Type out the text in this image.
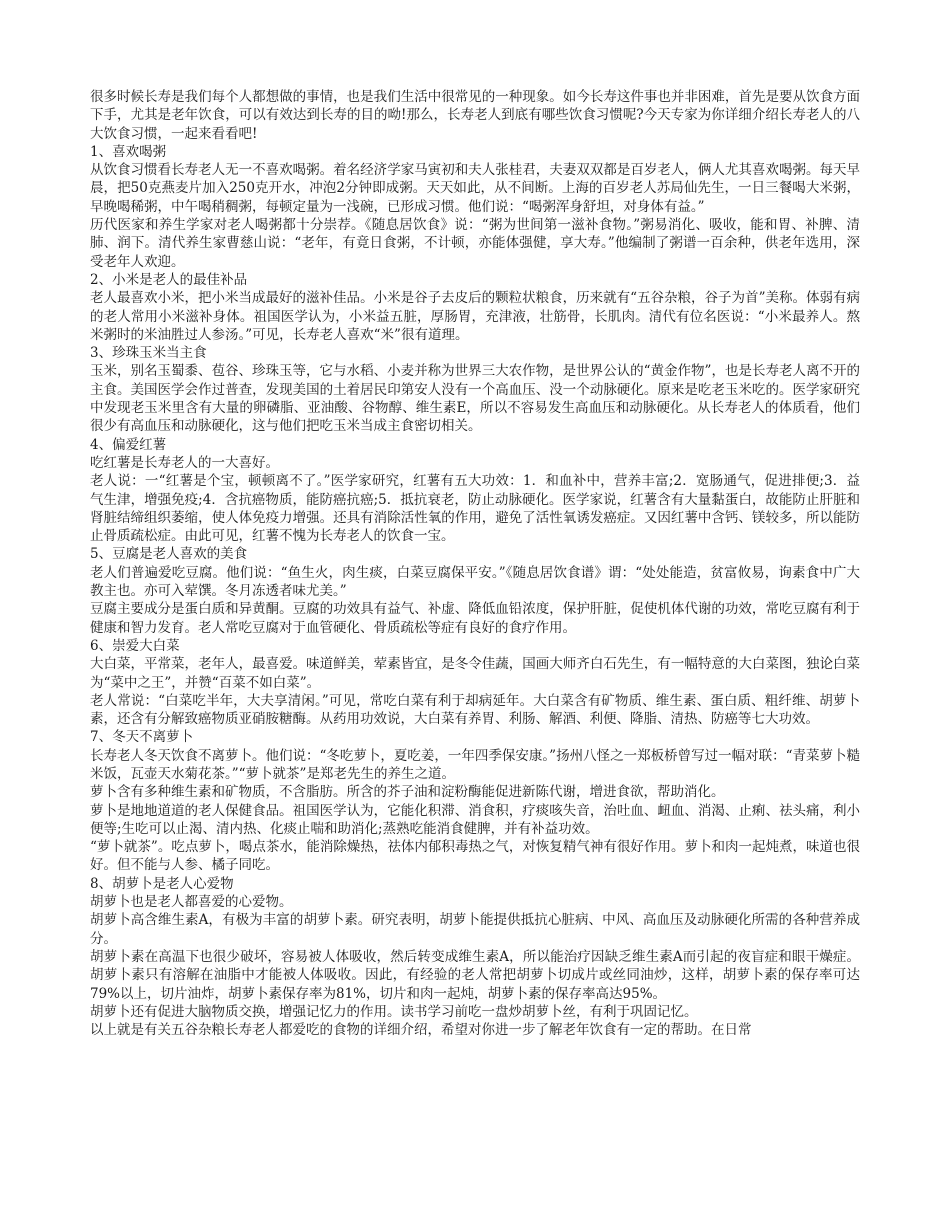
很多时候长寿是我们每个人都想做的事情，也是我们生活中很常见的一种现象。如今长寿这件事也并非困难，首先是要从饮食方面下手，尤其是老年饮食，可以有效达到长寿的目的呦!那么，长寿老人到底有哪些饮食习惯呢?今天专家为你详细介绍长寿老人的八大饮食习惯，一起来看看吧!

1、喜欢喝粥

从饮食习惯看长寿老人无一不喜欢喝粥。着名经济学家马寅初和夫人张桂君，夫妻双双都是百岁老人，俩人尤其喜欢喝粥。每天早晨，把50克燕麦片加入250克开水，冲泡2分钟即成粥。天天如此，从不间断。上海的百岁老人苏局仙先生，一日三餐喝大米粥，早晚喝稀粥，中午喝稍稠粥，每顿定量为一浅碗，已形成习惯。他们说：“喝粥浑身舒坦，对身体有益。”

历代医家和养生学家对老人喝粥都十分崇荐。《随息居饮食》说：“粥为世间第一滋补食物。”粥易消化、吸收，能和胃、补脾、清肺、润下。清代养生家曹慈山说：“老年，有竟日食粥，不计顿，亦能体强健，享大寿。”他编制了粥谱一百余种，供老年选用，深受老年人欢迎。

2、小米是老人的最佳补品

老人最喜欢小米，把小米当成最好的滋补佳品。小米是谷子去皮后的颗粒状粮食，历来就有“五谷杂粮，谷子为首”美称。体弱有病的老人常用小米滋补身体。祖国医学认为，小米益五脏，厚肠胃，充津液，壮筋骨，长肌肉。清代有位名医说：“小米最养人。熬米粥时的米油胜过人参汤。”可见，长寿老人喜欢“米”很有道理。

3、珍珠玉米当主食

玉米，别名玉蜀黍、苞谷、珍珠玉等，它与水稻、小麦并称为世界三大农作物，是世界公认的“黄金作物”，也是长寿老人离不开的主食。美国医学会作过普查，发现美国的土着居民印第安人没有一个高血压、没一个动脉硬化。原来是吃老玉米吃的。医学家研究中发现老玉米里含有大量的卵磷脂、亚油酸、谷物醇、维生素E，所以不容易发生高血压和动脉硬化。从长寿老人的体质看，他们很少有高血压和动脉硬化，这与他们把吃玉米当成主食密切相关。

4、偏爱红薯

吃红薯是长寿老人的一大喜好。

老人说：一“红薯是个宝，顿顿离不了。”医学家研究，红薯有五大功效：1．和血补中，营养丰富;2．宽肠通气，促进排便;3．益气生津，增强免疫;4．含抗癌物质，能防癌抗癌;5．抵抗衰老，防止动脉硬化。医学家说，红薯含有大量黏蛋白，故能防止肝脏和肾脏结缔组织萎缩，使人体免疫力增强。还具有消除活性氧的作用，避免了活性氧诱发癌症。又因红薯中含钙、镁较多，所以能防止骨质疏松症。由此可见，红薯不愧为长寿老人的饮食一宝。

5、豆腐是老人喜欢的美食

老人们普遍爱吃豆腐。他们说：“鱼生火，肉生痰，白菜豆腐保平安。”《随息居饮食谱》谓：“处处能造，贫富攸易，询素食中广大教主也。亦可入荤馔。冬月冻透者味尤美。”

豆腐主要成分是蛋白质和异黄酮。豆腐的功效具有益气、补虚、降低血铅浓度，保护肝脏，促使机体代谢的功效，常吃豆腐有利于健康和智力发育。老人常吃豆腐对于血管硬化、骨质疏松等症有良好的食疗作用。

6、崇爱大白菜

大白菜，平常菜，老年人，最喜爱。味道鲜美，荤素皆宜，是冬令佳蔬，国画大师齐白石先生，有一幅特意的大白菜图，独论白菜为“菜中之王”，并赞“百菜不如白菜”。

老人常说：“白菜吃半年，大夫享清闲。”可见，常吃白菜有利于却病延年。大白菜含有矿物质、维生素、蛋白质、粗纤维、胡萝卜素，还含有分解致癌物质亚硝胺糖酶。从药用功效说，大白菜有养胃、利肠、解酒、利便、降脂、清热、防癌等七大功效。

7、冬天不离萝卜

长寿老人冬天饮食不离萝卜。他们说：“冬吃萝卜，夏吃姜，一年四季保安康。”扬州八怪之一郑板桥曾写过一幅对联：“青菜萝卜糙米饭，瓦壶天水菊花茶。”“萝卜就茶”是郑老先生的养生之道。

萝卜含有多种维生素和矿物质，不含脂肪。所含的芥子油和淀粉酶能促进新陈代谢，增进食欲，帮助消化。

萝卜是地地道道的老人保健食品。祖国医学认为，它能化积滞、消食积，疗痰咳失音，治吐血、衄血、消渴、止痢、祛头痛，利小便等;生吃可以止渴、清内热、化痰止喘和助消化;蒸熟吃能消食健脾，并有补益功效。

“萝卜就茶”。吃点萝卜，喝点茶水，能消除燥热，祛体内郁积毒热之气，对恢复精气神有很好作用。萝卜和肉一起炖煮，味道也很好。但不能与人参、橘子同吃。

8、胡萝卜是老人心爱物

胡萝卜也是老人都喜爱的心爱物。

胡萝卜高含维生素A，有极为丰富的胡萝卜素。研究表明，胡萝卜能提供抵抗心脏病、中风、高血压及动脉硬化所需的各种营养成分。

胡萝卜素在高温下也很少破坏，容易被人体吸收，然后转变成维生素A，所以能治疗因缺乏维生素A而引起的夜盲症和眼干燥症。胡萝卜素只有溶解在油脂中才能被人体吸收。因此，有经验的老人常把胡萝卜切成片或丝同油炒，这样，胡萝卜素的保存率可达79%以上，切片油炸，胡萝卜素保存率为81%，切片和肉一起炖，胡萝卜素的保存率高达95%。

胡萝卜还有促进大脑物质交换，增强记忆力的作用。读书学习前吃一盘炒胡萝卜丝，有利于巩固记忆。

以上就是有关五谷杂粮长寿老人都爱吃的食物的详细介绍，希望对你进一步了解老年饮食有一定的帮助。在日常
